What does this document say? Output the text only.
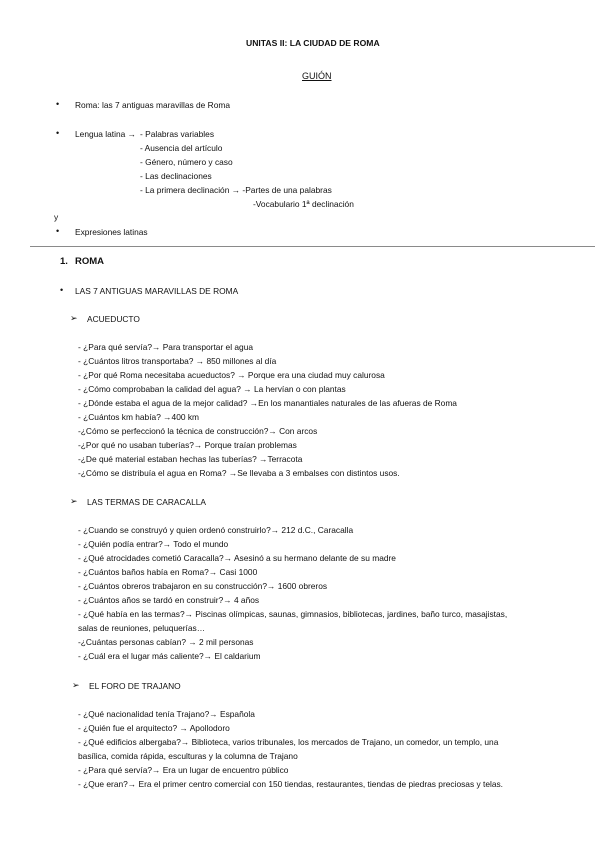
UNITAS II: LA CIUDAD DE ROMA
GUIÓN
• Roma: las 7 antiguas maravillas de Roma
• Lengua latina → - Palabras variables
- Ausencia del artículo
- Género, número y caso
- Las declinaciones
- La primera declinación → -Partes de una palabras
-Vocabulario 1ª declinación
y
• Expresiones latinas
1. ROMA
• LAS 7 ANTIGUAS MARAVILLAS DE ROMA
➢ ACUEDUCTO
- ¿Para qué servía?→ Para transportar el agua
- ¿Cuántos litros transportaba? → 850 millones al día
- ¿Por qué Roma necesitaba acueductos? → Porque era una ciudad muy calurosa
- ¿Cómo comprobaban la calidad del agua? → La hervían o con plantas
- ¿Dónde estaba el agua de la mejor calidad? →En los manantiales naturales de las afueras de Roma
- ¿Cuántos km había? →400 km
-¿Cómo se perfeccionó la técnica de construcción?→ Con arcos
-¿Por qué no usaban tuberías?→ Porque traían problemas
-¿De qué material estaban hechas las tuberías? →Terracota
-¿Cómo se distribuía el agua en Roma? →Se llevaba a 3 embalses con distintos usos.
➢ LAS TERMAS DE CARACALLA
- ¿Cuando se construyó y quien ordenó construirlo?→ 212 d.C., Caracalla
- ¿Quién podía entrar?→ Todo el mundo
- ¿Qué atrocidades cometió Caracalla?→ Asesinó a su hermano delante de su madre
- ¿Cuántos baños había en Roma?→ Casi 1000
- ¿Cuántos obreros trabajaron en su construcción?→ 1600 obreros
- ¿Cuántos años se tardó en construir?→ 4 años
- ¿Qué había en las termas?→ Piscinas olímpicas, saunas, gimnasios, bibliotecas, jardines, baño turco, masajistas,
salas de reuniones, peluquerías…
-¿Cuántas personas cabían? → 2 mil personas
- ¿Cuál era el lugar más caliente?→ El caldarium
➢ EL FORO DE TRAJANO
- ¿Qué nacionalidad tenía Trajano?→ Española
- ¿Quién fue el arquitecto? → Apollodoro
- ¿Qué edificios albergaba?→ Biblioteca, varios tribunales, los mercados de Trajano, un comedor, un templo, una
basílica, comida rápida, esculturas y la columna de Trajano
- ¿Para qué servía?→ Era un lugar de encuentro público
- ¿Que eran?→ Era el primer centro comercial con 150 tiendas, restaurantes, tiendas de piedras preciosas y telas.
